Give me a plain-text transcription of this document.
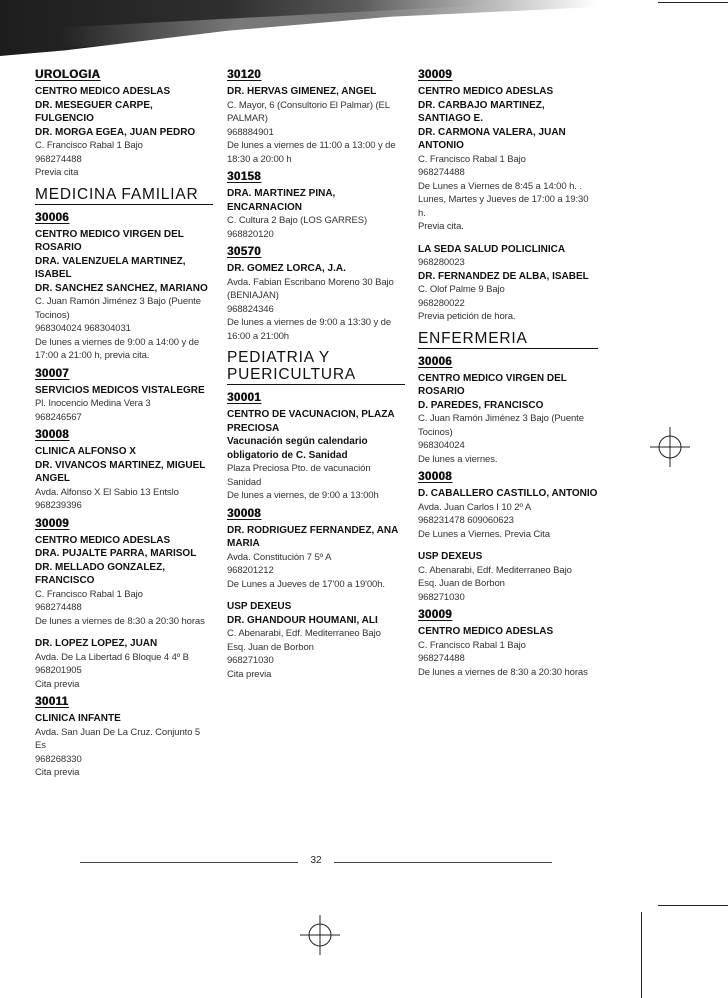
UROLOGIA
CENTRO MEDICO ADESLAS
DR. MESEGUER CARPE, FULGENCIO
DR. MORGA EGEA, JUAN PEDRO
C. Francisco Rabal 1 Bajo
968274488
Previa cita
MEDICINA FAMILIAR
30006
CENTRO MEDICO VIRGEN DEL ROSARIO
DRA. VALENZUELA MARTINEZ, ISABEL
DR. SANCHEZ SANCHEZ, MARIANO
C. Juan Ramón Jiménez 3 Bajo (Puente Tocinos)
968304024 968304031
De lunes a viernes de 9:00 a 14:00 y de 17:00 a 21:00 h, previa cita.
30007
SERVICIOS MEDICOS VISTALEGRE
Pl. Inocencio Medina Vera 3
968246567
30008
CLINICA ALFONSO X
DR. VIVANCOS MARTINEZ, MIGUEL ANGEL
Avda. Alfonso X El Sabio 13 Entslo
968239396
30009
CENTRO MEDICO ADESLAS
DRA. PUJALTE PARRA, MARISOL
DR. MELLADO GONZALEZ, FRANCISCO
C. Francisco Rabal 1 Bajo
968274488
De lunes a viernes de 8:30 a 20:30 horas
DR. LOPEZ LOPEZ, JUAN
Avda. De La Libertad 6 Bloque 4 4º B
968201905
Cita previa
30011
CLINICA INFANTE
Avda. San Juan De La Cruz. Conjunto 5 Es
968268330
Cita previa
30120
DR. HERVAS GIMENEZ, ANGEL
C. Mayor, 6 (Consultorio El Palmar) (EL PALMAR)
968884901
De lunes a viernes de 11:00 a 13:00 y de 18:30 a 20:00 h
30158
DRA. MARTINEZ PINA, ENCARNACION
C. Cultura 2 Bajo (LOS GARRES)
968820120
30570
DR. GOMEZ LORCA, J.A.
Avda. Fabian Escribano Moreno 30 Bajo (BENIAJAN)
968824346
De lunes a viernes de 9:00 a 13:30 y de 16:00 a 21:00h
PEDIATRIA Y PUERICULTURA
30001
CENTRO DE VACUNACION, PLAZA PRECIOSA
Vacunación según calendario obligatorio de C. Sanidad
Plaza Preciosa Pto. de vacunación Sanidad
De lunes a viernes, de 9:00 a 13:00h
30008
DR. RODRIGUEZ FERNANDEZ, ANA MARIA
Avda. Constitución 7 5º A
968201212
De Lunes a Jueves de 17'00 a 19'00h.
USP DEXEUS
DR. GHANDOUR HOUMANI, ALI
C. Abenarabi, Edf. Mediterraneo Bajo
Esq. Juan de Borbon
968271030
Cita previa
30009
CENTRO MEDICO ADESLAS
DR. CARBAJO MARTINEZ, SANTIAGO E.
DR. CARMONA VALERA, JUAN ANTONIO
C. Francisco Rabal 1 Bajo
968274488
De Lunes a Viernes de 8:45 a 14:00 h. . Lunes, Martes y Jueves de 17:00 a 19:30 h.
Previa cita.
LA SEDA SALUD POLICLINICA
968280023
DR. FERNANDEZ DE ALBA, ISABEL
C. Olof Palme 9 Bajo
968280022
Previa petición de hora.
ENFERMERIA
30006
CENTRO MEDICO VIRGEN DEL ROSARIO
D. PAREDES, FRANCISCO
C. Juan Ramón Jiménez 3 Bajo (Puente Tocinos)
968304024
De lunes a viernes.
30008
D. CABALLERO CASTILLO, ANTONIO
Avda. Juan Carlos I 10 2º A
968231478 609060623
De Lunes a Viernes. Previa Cita
USP DEXEUS
C. Abenarabi, Edf. Mediterraneo Bajo
Esq. Juan de Borbon
968271030
30009
CENTRO MEDICO ADESLAS
C. Francisco Rabal 1 Bajo
968274488
De lunes a viernes de 8:30 a 20:30 horas
32
